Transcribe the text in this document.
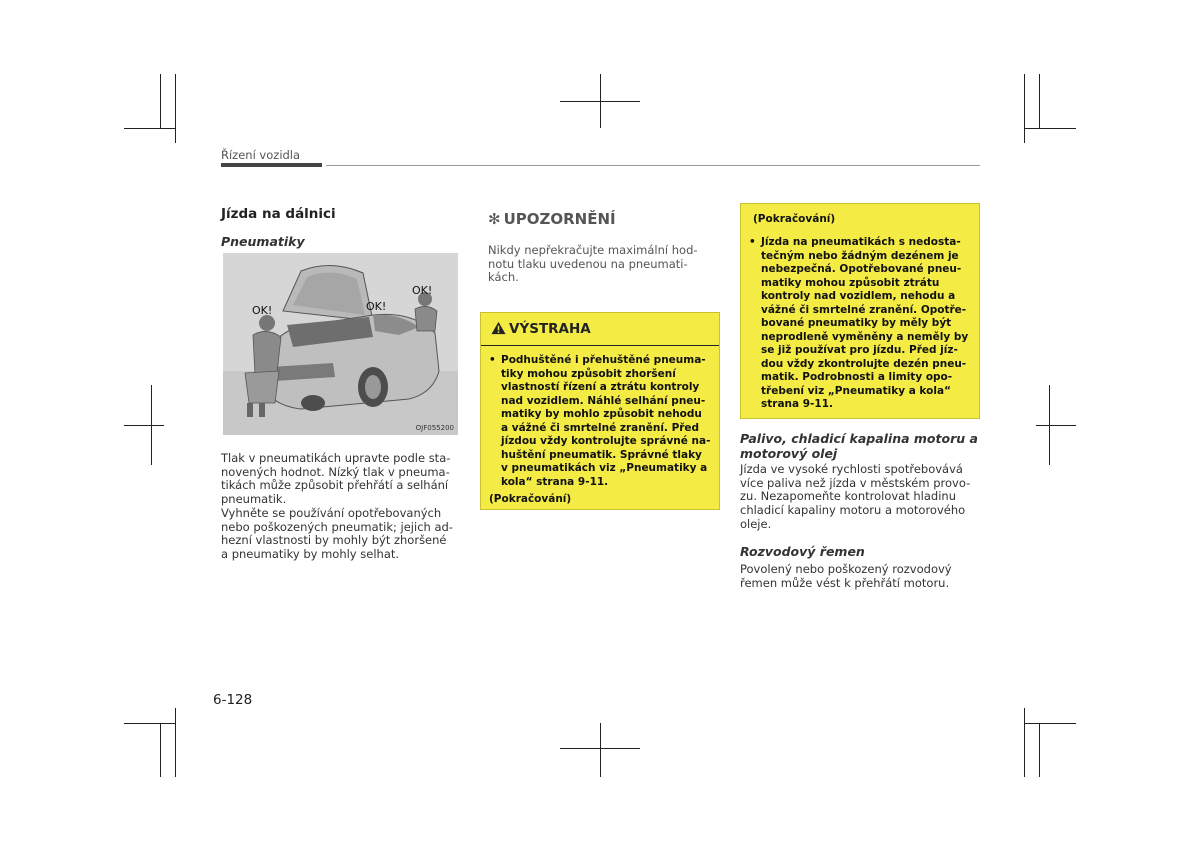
Řízení vozidla
Jízda na dálnici
Pneumatiky
OK!	OK!
OK!
OJF055200

Tlak v pneumatikách upravte podle sta-

novených hodnot. Nízký tlak v pneuma-

tikách může způsobit přehřátí a selhání

pneumatik.

Vyhněte se používání opotřebovaných

nebo poškozených pneumatik; jejich ad-

hezní vlastnosti by mohly být zhoršené

a pneumatiky by mohly selhat.

✻ UPOZORNĚNÍ

Nikdy nepřekračujte maximální hod-

notu tlaku uvedenou na pneumati-

kách.

VÝSTRAHA
• Podhuštěné i přehuštěné pneuma-

tiky mohou způsobit zhoršení

vlastností řízení a ztrátu kontroly

nad vozidlem. Náhlé selhání pneu-

matiky by mohlo způsobit nehodu

a vážné či smrtelné zranění. Před

jízdou vždy kontrolujte správné na-

huštění pneumatik. Správné tlaky

v pneumatikách viz „Pneumatiky a

kola“ strana 9-11.

(Pokračování)
(Pokračování)
• Jízda na pneumatikách s nedosta-

tečným nebo žádným dezénem je

nebezpečná. Opotřebované pneu-

matiky mohou způsobit ztrátu

kontroly nad vozidlem, nehodu a

vážné či smrtelné zranění. Opotře-

bované pneumatiky by měly být

neprodleně vyměněny a neměly by

se již používat pro jízdu. Před jíz-

dou vždy zkontrolujte dezén pneu-

matik. Podrobnosti a limity opo-

třebení viz „Pneumatiky a kola“

strana 9-11.

Palivo, chladicí kapalina motoru a

motorový olej

Jízda ve vysoké rychlosti spotřebovává

více paliva než jízda v městském provo-

zu. Nezapomeňte kontrolovat hladinu

chladicí kapaliny motoru a motorového

oleje.

Rozvodový řemen

Povolený nebo poškozený rozvodový

řemen může vést k přehřátí motoru.

6-128
